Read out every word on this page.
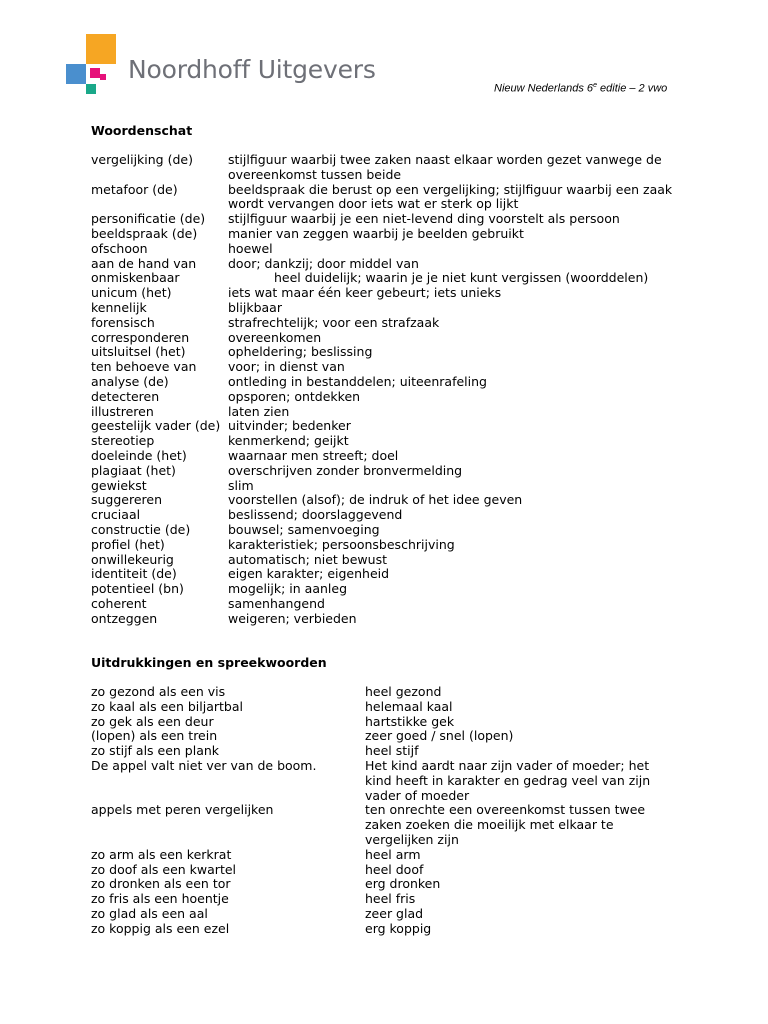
Noordhoff Uitgevers
Nieuw Nederlands 6e editie – 2 vwo
Woordenschat
vergelijking (de)	stijlfiguur waarbij twee zaken naast elkaar worden gezet vanwege de overeenkomst tussen beide
metafoor (de)	beeldspraak die berust op een vergelijking; stijlfiguur waarbij een zaak wordt vervangen door iets wat er sterk op lijkt
personificatie (de)	stijlfiguur waarbij je een niet-levend ding voorstelt als persoon
beeldspraak (de)	manier van zeggen waarbij je beelden gebruikt
ofschoon	hoewel
aan de hand van	door; dankzij; door middel van
onmiskenbaar	heel duidelijk; waarin je je niet kunt vergissen (woorddelen)
unicum (het)	iets wat maar één keer gebeurt; iets unieks
kennelijk	blijkbaar
forensisch	strafrechtelijk; voor een strafzaak
corresponderen	overeenkomen
uitsluitsel (het)	opheldering; beslissing
ten behoeve van	voor; in dienst van
analyse (de)	ontleding in bestanddelen; uiteenrafeling
detecteren	opsporen; ontdekken
illustreren	laten zien
geestelijk vader (de) uitvinder; bedenker
stereotiep	kenmerkend; geijkt
doeleinde (het)	waarnaar men streeft; doel
plagiaat (het)	overschrijven zonder bronvermelding
gewiekst	slim
suggereren	voorstellen (alsof); de indruk of het idee geven
cruciaal	beslissend; doorslaggevend
constructie (de)	bouwsel; samenvoeging
profiel (het)	karakteristiek; persoonsbeschrijving
onwillekeurig	automatisch; niet bewust
identiteit (de)	eigen karakter; eigenheid
potentieel (bn)	mogelijk; in aanleg
coherent	samenhangend
ontzeggen	weigeren; verbieden
Uitdrukkingen en spreekwoorden
zo gezond als een vis	heel gezond
zo kaal als een biljartbal	helemaal kaal
zo gek als een deur	hartstikke gek
(lopen) als een trein	zeer goed / snel (lopen)
zo stijf als een plank	heel stijf
De appel valt niet ver van de boom.	Het kind aardt naar zijn vader of moeder; het kind heeft in karakter en gedrag veel van zijn vader of moeder
appels met peren vergelijken	ten onrechte een overeenkomst tussen twee zaken zoeken die moeilijk met elkaar te vergelijken zijn
zo arm als een kerkrat	heel arm
zo doof als een kwartel	heel doof
zo dronken als een tor	erg dronken
zo fris als een hoentje	heel fris
zo glad als een aal	zeer glad
zo koppig als een ezel	erg koppig
